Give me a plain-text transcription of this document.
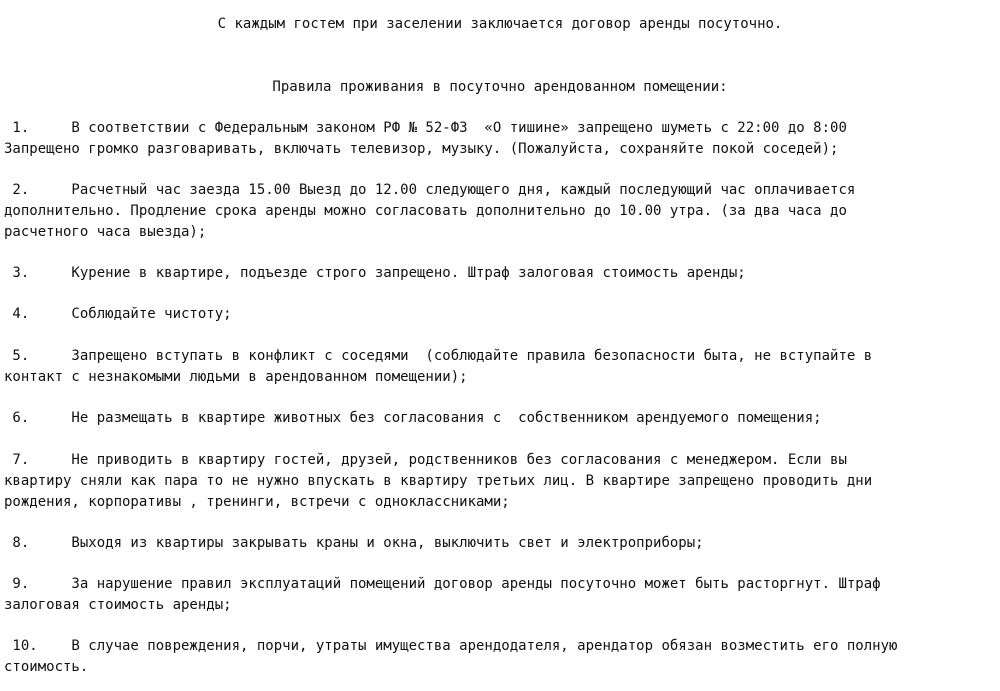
С каждым гостем при заселении заключается договор аренды посуточно.

Правила проживания в посуточно арендованном помещении:

1.     В соответствии с Федеральным законом РФ № 52-ФЗ  «О тишине» запрещено шуметь с 22:00 до 8:00

Запрещено громко разговаривать, включать телевизор, музыку. (Пожалуйста, сохраняйте покой соседей);

2.     Расчетный час заезда 15.00 Выезд до 12.00 следующего дня, каждый последующий час оплачивается

дополнительно. Продление срока аренды можно согласовать дополнительно до 10.00 утра. (за два часа до

расчетного часа выезда);

3.     Курение в квартире, подъезде строго запрещено. Штраф залоговая стоимость аренды;

4.     Соблюдайте чистоту;

5.     Запрещено вступать в конфликт с соседями  (соблюдайте правила безопасности быта, не вступайте в

контакт с незнакомыми людьми в арендованном помещении);

6.     Не размещать в квартире животных без согласования с  собственником арендуемого помещения;

7.     Не приводить в квартиру гостей, друзей, родственников без согласования с менеджером. Если вы

квартиру сняли как пара то не нужно впускать в квартиру третьих лиц. В квартире запрещено проводить дни

рождения, корпоративы , тренинги, встречи с одноклассниками;

8.     Выходя из квартиры закрывать краны и окна, выключить свет и электроприборы;

9.     За нарушение правил эксплуатаций помещений договор аренды посуточно может быть расторгнут. Штраф

залоговая стоимость аренды;

10.    В случае повреждения, порчи, утраты имущества арендодателя, арендатор обязан возместить его полную

стоимость.
